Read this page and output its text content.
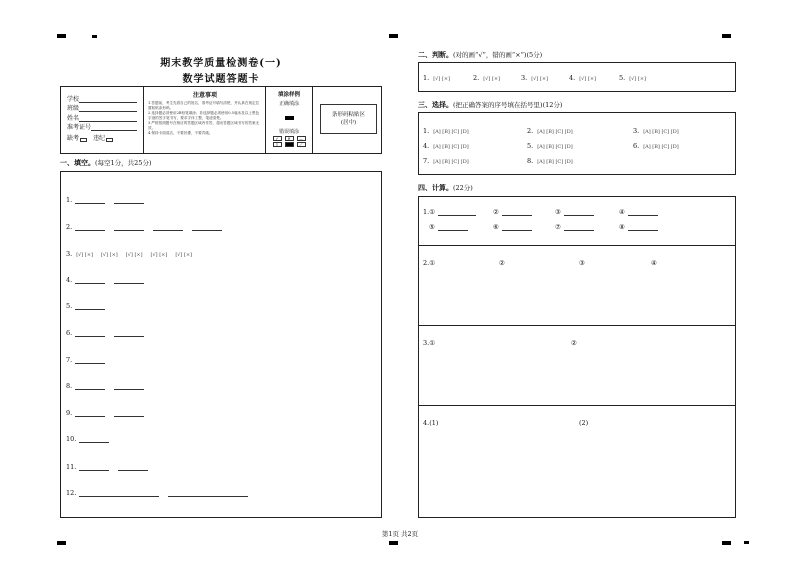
期末教学质量检测卷(一)
数学试题答题卡
学校
班级
姓名
准考证号
缺考 违纪
注意事项
1.答题前，考生先将自己的姓名，准考证号填写清楚，并认真在规定位置粘贴条形码。
2.选择题必须使用2B铅笔填涂；非选择题必须使用0.5毫米及以上黑色字迹的签字笔书写，要求字体工整，笔迹清楚。
3.严格按照题号在相应的答题区域内作答，超出答题区域书写的答案无效。
4.保持卡面清洁，不要折叠，不要弄破。
填涂样例
正确填涂
错误填涂
✓	✕	—
▯	／
条形码粘贴区
(居中)
一、填空。(每空1分，共25分)
1.
2.
3. [√] [×] [√] [×] [√] [×] [√] [×] [√] [×]
4.
5.
6.
7.
8.
9.
10.
11.
12.
二、判断。(对的画“√”，错的画“×”)(5分)
1. [√] [×]	2. [√] [×]	3. [√] [×]	4. [√] [×]	5. [√] [×]
三、选择。(把正确答案的序号填在括号里)(12分)
1. [A] [B] [C] [D]	2. [A] [B] [C] [D]	3. [A] [B] [C] [D]
4. [A] [B] [C] [D]	5. [A] [B] [C] [D]	6. [A] [B] [C] [D]
7. [A] [B] [C] [D]	8. [A] [B] [C] [D]
四、计算。(22分)
1.①	②	③	④
⑤	⑥	⑦	⑧
2.①	②	③	④
3.①	②
4.(1)	(2)
第1页 共2页
